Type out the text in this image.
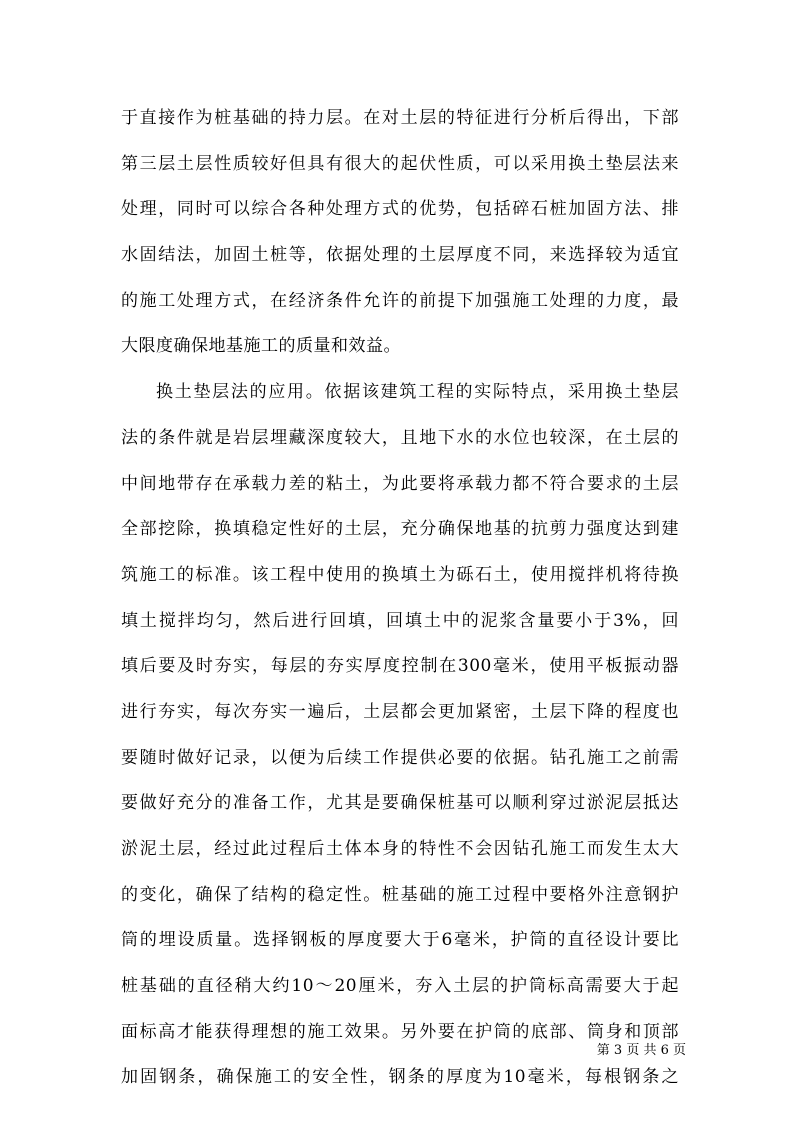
于直接作为桩基础的持力层。在对土层的特征进行分析后得出，下部
第三层土层性质较好但具有很大的起伏性质，可以采用换土垫层法来
处理，同时可以综合各种处理方式的优势，包括碎石桩加固方法、排
水固结法，加固土桩等，依据处理的土层厚度不同，来选择较为适宜
的施工处理方式，在经济条件允许的前提下加强施工处理的力度，最
大限度确保地基施工的质量和效益。
换土垫层法的应用。依据该建筑工程的实际特点，采用换土垫层
法的条件就是岩层埋藏深度较大，且地下水的水位也较深，在土层的
中间地带存在承载力差的粘土，为此要将承载力都不符合要求的土层
全部挖除，换填稳定性好的土层，充分确保地基的抗剪力强度达到建
筑施工的标准。该工程中使用的换填土为砾石土，使用搅拌机将待换
填土搅拌均匀，然后进行回填，回填土中的泥浆含量要小于3%，回
填后要及时夯实，每层的夯实厚度控制在300毫米，使用平板振动器
进行夯实，每次夯实一遍后，土层都会更加紧密，土层下降的程度也
要随时做好记录，以便为后续工作提供必要的依据。钻孔施工之前需
要做好充分的准备工作，尤其是要确保桩基可以顺利穿过淤泥层抵达
淤泥土层，经过此过程后土体本身的特性不会因钻孔施工而发生太大
的变化，确保了结构的稳定性。桩基础的施工过程中要格外注意钢护
筒的埋设质量。选择钢板的厚度要大于6毫米，护筒的直径设计要比
桩基础的直径稍大约10～20厘米，夯入土层的护筒标高需要大于起
面标高才能获得理想的施工效果。另外要在护筒的底部、筒身和顶部
加固钢条，确保施工的安全性，钢条的厚度为10毫米，每根钢条之
第 3 页 共 6 页
